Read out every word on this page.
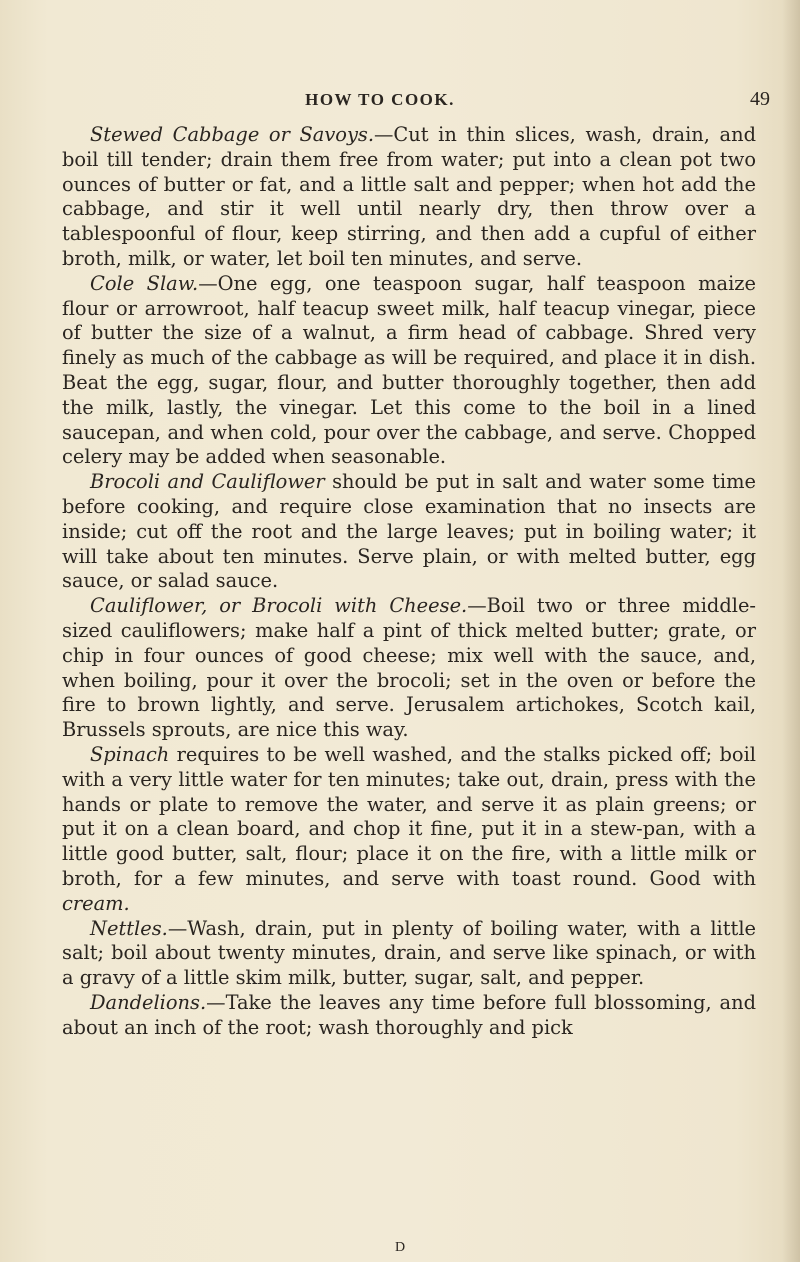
HOW TO COOK.	49

Stewed Cabbage or Savoys.—Cut in thin slices, wash, drain, and boil till tender; drain them free from water; put into a clean pot two ounces of butter or fat, and a little salt and pepper; when hot add the cabbage, and stir it well until nearly dry, then throw over a tablespoonful of flour, keep stirring, and then add a cupful of either broth, milk, or water, let boil ten minutes, and serve.

Cole Slaw.—One egg, one teaspoon sugar, half teaspoon maize flour or arrowroot, half teacup sweet milk, half teacup vinegar, piece of butter the size of a walnut, a firm head of cabbage. Shred very finely as much of the cabbage as will be required, and place it in dish. Beat the egg, sugar, flour, and butter thoroughly together, then add the milk, lastly, the vinegar. Let this come to the boil in a lined saucepan, and when cold, pour over the cabbage, and serve. Chopped celery may be added when seasonable.

Brocoli and Cauliflower should be put in salt and water some time before cooking, and require close examination that no insects are inside; cut off the root and the large leaves; put in boiling water; it will take about ten minutes. Serve plain, or with melted butter, egg sauce, or salad sauce.

Cauliflower, or Brocoli with Cheese.—Boil two or three middle-sized cauliflowers; make half a pint of thick melted butter; grate, or chip in four ounces of good cheese; mix well with the sauce, and, when boiling, pour it over the brocoli; set in the oven or before the fire to brown lightly, and serve. Jerusalem artichokes, Scotch kail, Brussels sprouts, are nice this way.

Spinach requires to be well washed, and the stalks picked off; boil with a very little water for ten minutes; take out, drain, press with the hands or plate to remove the water, and serve it as plain greens; or put it on a clean board, and chop it fine, put it in a stew-pan, with a little good butter, salt, flour; place it on the fire, with a little milk or broth, for a few minutes, and serve with toast round. Good with cream.

Nettles.—Wash, drain, put in plenty of boiling water, with a little salt; boil about twenty minutes, drain, and serve like spinach, or with a gravy of a little skim milk, butter, sugar, salt, and pepper.

Dandelions.—Take the leaves any time before full blossoming, and about an inch of the root; wash thoroughly and pick

D
